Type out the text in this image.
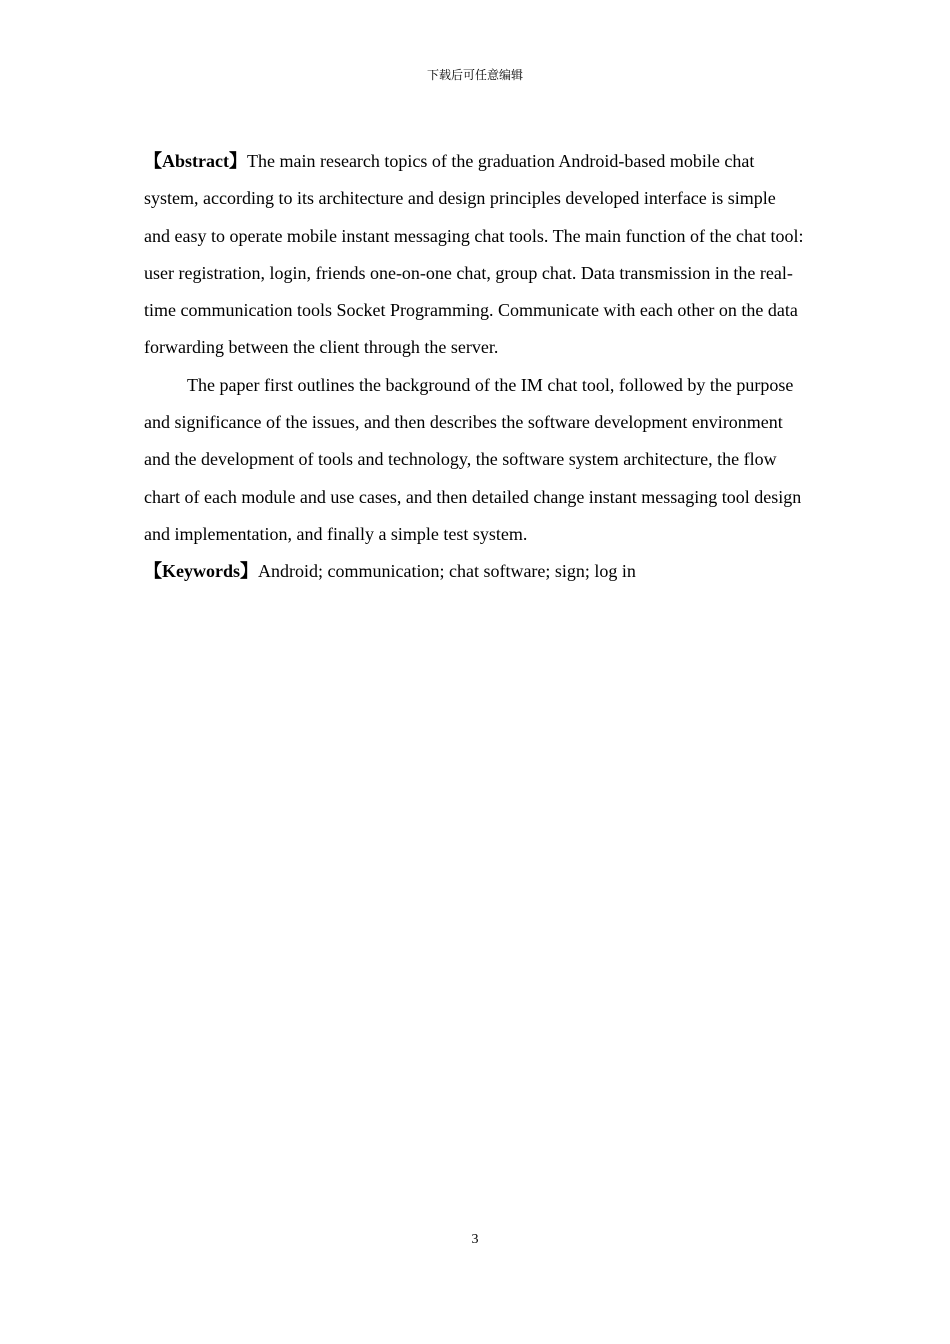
下载后可任意编辑

【Abstract】The main research topics of the graduation Android-based mobile chat system, according to its architecture and design principles developed interface is simple and easy to operate mobile instant messaging chat tools. The main function of the chat tool: user registration, login, friends one-on-one chat, group chat. Data transmission in the real-time communication tools Socket Programming. Communicate with each other on the data forwarding between the client through the server.

The paper first outlines the background of the IM chat tool, followed by the purpose and significance of the issues, and then describes the software development environment and the development of tools and technology, the software system architecture, the flow chart of each module and use cases, and then detailed change instant messaging tool design and implementation, and finally a simple test system.

【Keywords】Android; communication; chat software; sign; log in

3
